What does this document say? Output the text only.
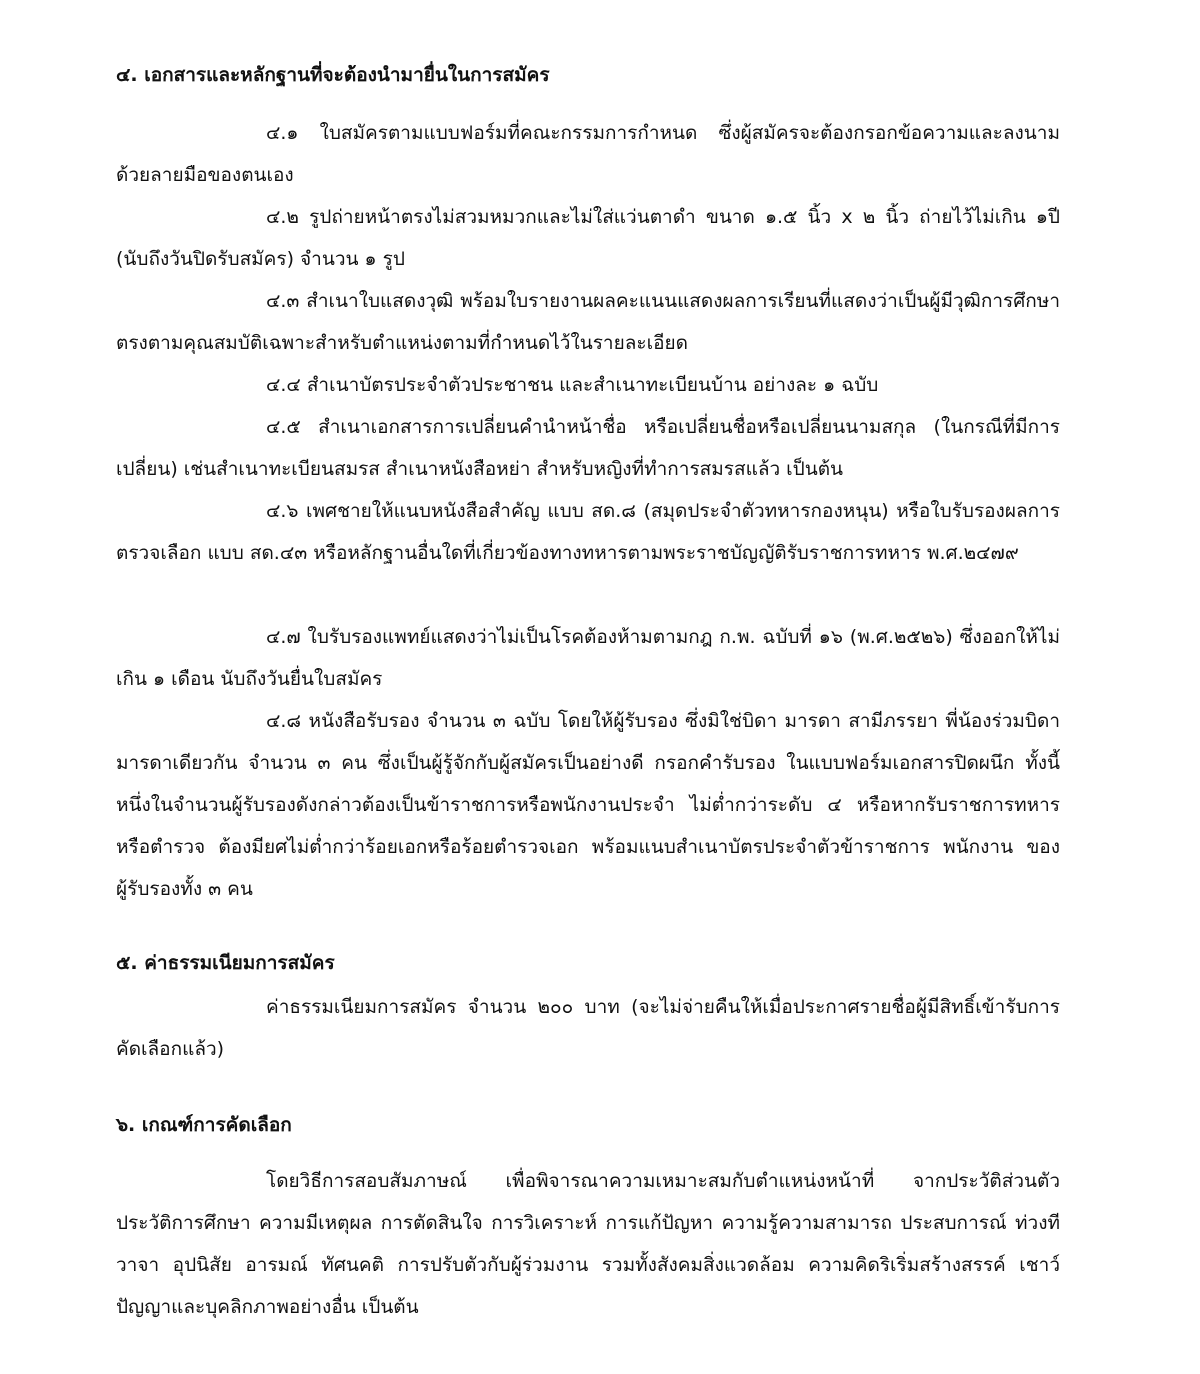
๔. เอกสารและหลักฐานที่จะต้องนำมายื่นในการสมัคร
๔.๑ ใบสมัครตามแบบฟอร์มที่คณะกรรมการกำหนด ซึ่งผู้สมัครจะต้องกรอกข้อความและลงนามด้วยลายมือของตนเอง
๔.๒ รูปถ่ายหน้าตรงไม่สวมหมวกและไม่ใส่แว่นตาดำ ขนาด ๑.๕ นิ้ว x ๒ นิ้ว ถ่ายไว้ไม่เกิน ๑ปี (นับถึงวันปิดรับสมัคร) จำนวน ๑ รูป
๔.๓ สำเนาใบแสดงวุฒิ พร้อมใบรายงานผลคะแนนแสดงผลการเรียนที่แสดงว่าเป็นผู้มีวุฒิการศึกษาตรงตามคุณสมบัติเฉพาะสำหรับตำแหน่งตามที่กำหนดไว้ในรายละเอียด
๔.๔ สำเนาบัตรประจำตัวประชาชน และสำเนาทะเบียนบ้าน อย่างละ ๑ ฉบับ
๔.๕ สำเนาเอกสารการเปลี่ยนคำนำหน้าชื่อ หรือเปลี่ยนชื่อหรือเปลี่ยนนามสกุล (ในกรณีที่มีการเปลี่ยน) เช่นสำเนาทะเบียนสมรส สำเนาหนังสือหย่า สำหรับหญิงที่ทำการสมรสแล้ว เป็นต้น
๔.๖ เพศชายให้แนบหนังสือสำคัญ แบบ สด.๘ (สมุดประจำตัวทหารกองหนุน) หรือใบรับรองผลการตรวจเลือก แบบ สด.๔๓ หรือหลักฐานอื่นใดที่เกี่ยวข้องทางทหารตามพระราชบัญญัติรับราชการทหาร พ.ศ.๒๔๗๙
๔.๗ ใบรับรองแพทย์แสดงว่าไม่เป็นโรคต้องห้ามตามกฎ ก.พ. ฉบับที่ ๑๖ (พ.ศ.๒๕๒๖) ซึ่งออกให้ไม่เกิน ๑ เดือน นับถึงวันยื่นใบสมัคร
๔.๘ หนังสือรับรอง จำนวน ๓ ฉบับ โดยให้ผู้รับรอง ซึ่งมิใช่บิดา มารดา สามีภรรยา พี่น้องร่วมบิดามารดาเดียวกัน จำนวน ๓ คน ซึ่งเป็นผู้รู้จักกับผู้สมัครเป็นอย่างดี กรอกคำรับรอง ในแบบฟอร์มเอกสารปิดผนึก ทั้งนี้หนึ่งในจำนวนผู้รับรองดังกล่าวต้องเป็นข้าราชการหรือพนักงานประจำ ไม่ต่ำกว่าระดับ ๔ หรือหากรับราชการทหารหรือตำรวจ ต้องมียศไม่ต่ำกว่าร้อยเอกหรือร้อยตำรวจเอก พร้อมแนบสำเนาบัตรประจำตัวข้าราชการ พนักงาน ของผู้รับรองทั้ง ๓ คน
๕. ค่าธรรมเนียมการสมัคร
ค่าธรรมเนียมการสมัคร จำนวน ๒๐๐ บาท (จะไม่จ่ายคืนให้เมื่อประกาศรายชื่อผู้มีสิทธิ์เข้ารับการคัดเลือกแล้ว)
๖. เกณฑ์การคัดเลือก
โดยวิธีการสอบสัมภาษณ์ เพื่อพิจารณาความเหมาะสมกับตำแหน่งหน้าที่ จากประวัติส่วนตัว ประวัติการศึกษา ความมีเหตุผล การตัดสินใจ การวิเคราะห์ การแก้ปัญหา ความรู้ความสามารถ ประสบการณ์ ท่วงทีวาจา อุปนิสัย อารมณ์ ทัศนคติ การปรับตัวกับผู้ร่วมงาน รวมทั้งสังคมสิ่งแวดล้อม ความคิดริเริ่มสร้างสรรค์ เชาว์ปัญญาและบุคลิกภาพอย่างอื่น เป็นต้น
